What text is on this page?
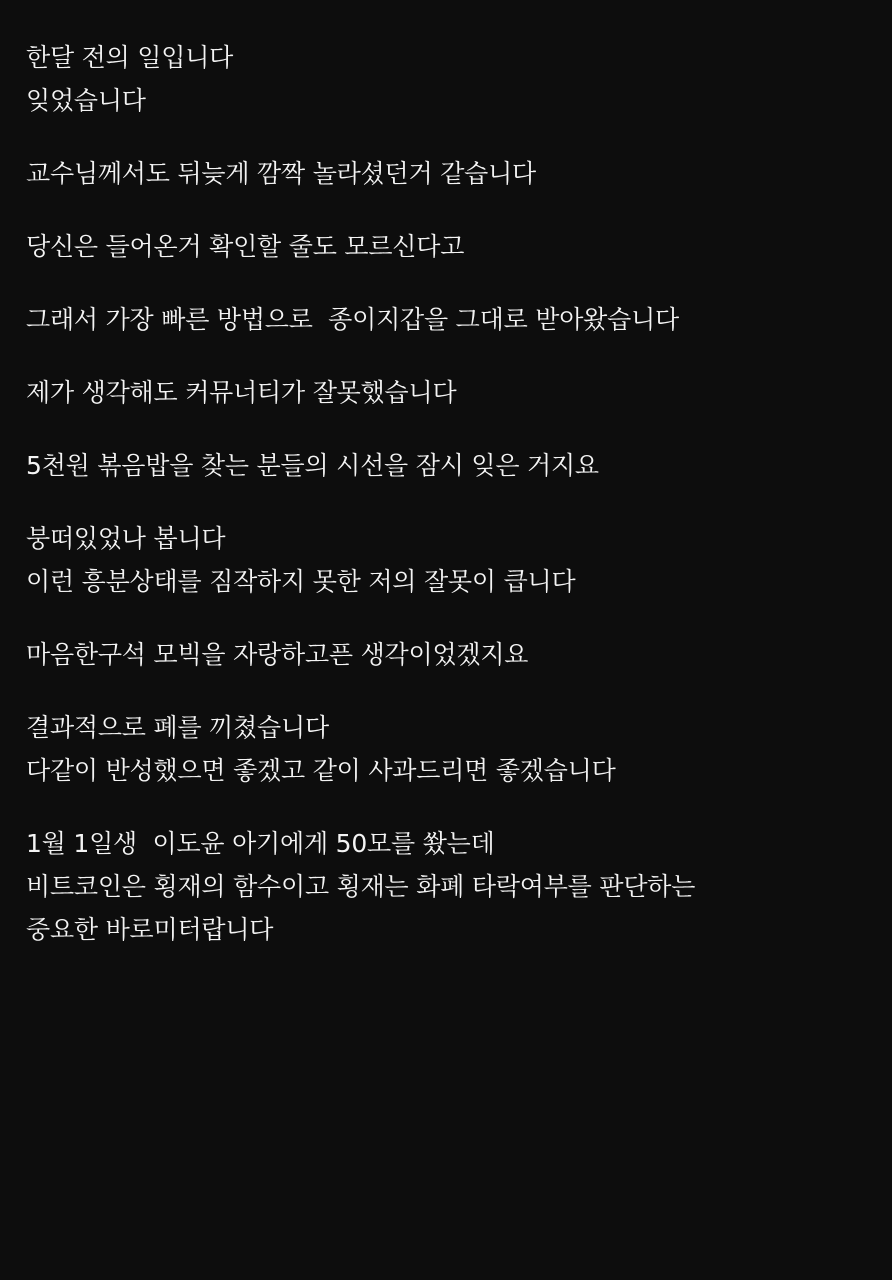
한달 전의 일입니다
잊었습니다
교수님께서도 뒤늦게 깜짝 놀라셨던거 같습니다
당신은 들어온거 확인할 줄도 모르신다고
그래서 가장 빠른 방법으로  종이지갑을 그대로 받아왔습니다
제가 생각해도 커뮤너티가 잘못했습니다
5천원 볶음밥을 찾는 분들의 시선을 잠시 잊은 거지요
붕떠있었나 봅니다
이런 흥분상태를 짐작하지 못한 저의 잘못이 큽니다
마음한구석 모빅을 자랑하고픈 생각이었겠지요
결과적으로 폐를 끼쳤습니다
다같이 반성했으면 좋겠고 같이 사과드리면 좋겠습니다
1월 1일생  이도윤 아기에게 50모를 쐈는데
비트코인은 횡재의 함수이고 횡재는 화폐 타락여부를 판단하는
중요한 바로미터랍니다
